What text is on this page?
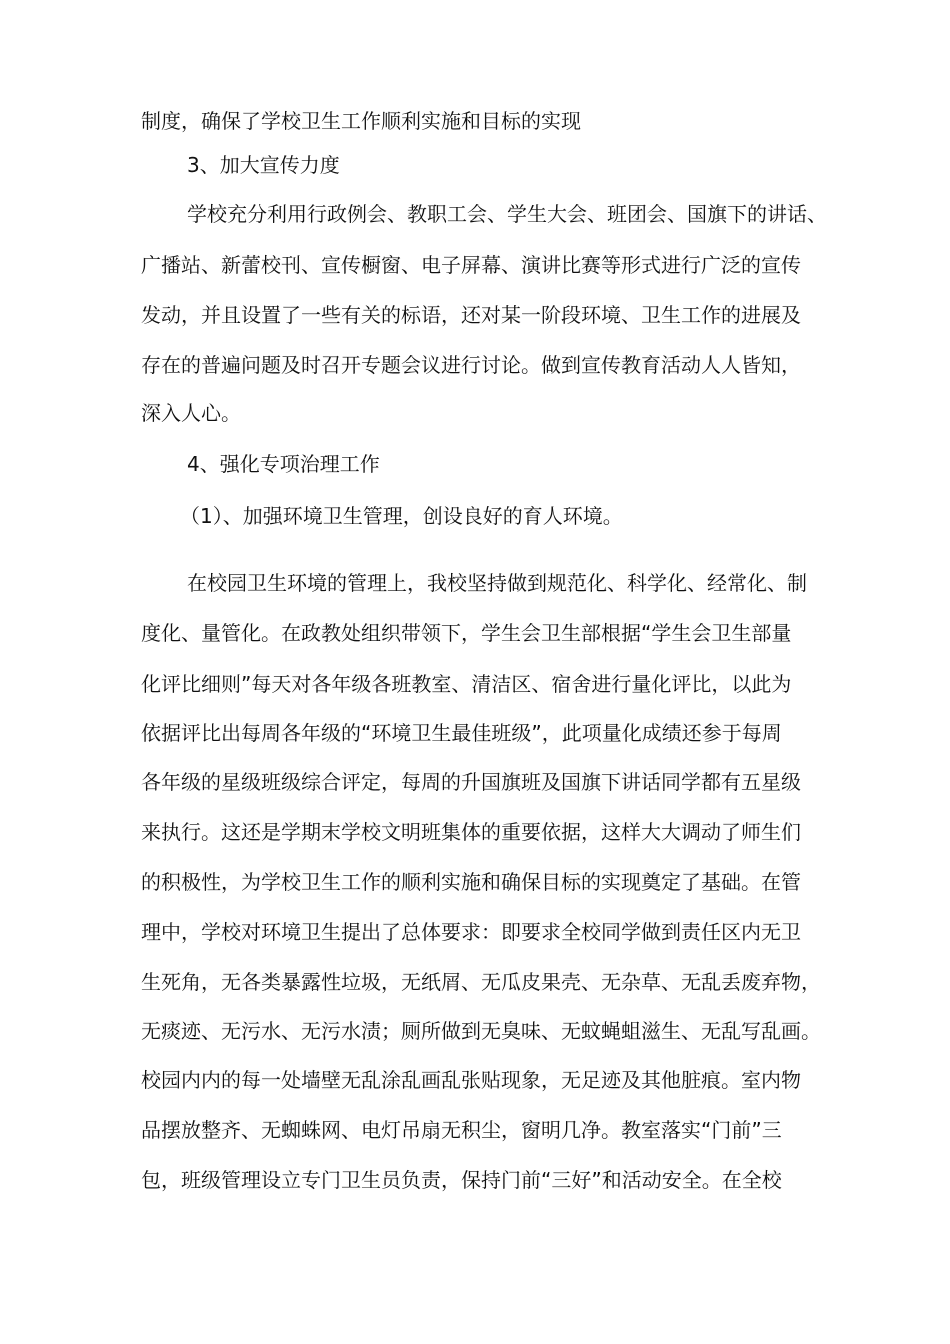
制度，确保了学校卫生工作顺利实施和目标的实现

3、加大宣传力度

学校充分利用行政例会、教职工会、学生大会、班团会、国旗下的讲话、

广播站、新蕾校刊、宣传橱窗、电子屏幕、演讲比赛等形式进行广泛的宣传

发动，并且设置了一些有关的标语，还对某一阶段环境、卫生工作的进展及

存在的普遍问题及时召开专题会议进行讨论。做到宣传教育活动人人皆知，

深入人心。

4、强化专项治理工作

（1）、加强环境卫生管理，创设良好的育人环境。

在校园卫生环境的管理上，我校坚持做到规范化、科学化、经常化、制

度化、量管化。在政教处组织带领下，学生会卫生部根据“学生会卫生部量

化评比细则”每天对各年级各班教室、清洁区、宿舍进行量化评比，以此为

依据评比出每周各年级的“环境卫生最佳班级”，此项量化成绩还参于每周

各年级的星级班级综合评定，每周的升国旗班及国旗下讲话同学都有五星级

来执行。这还是学期末学校文明班集体的重要依据，这样大大调动了师生们

的积极性，为学校卫生工作的顺利实施和确保目标的实现奠定了基础。在管

理中，学校对环境卫生提出了总体要求：即要求全校同学做到责任区内无卫

生死角，无各类暴露性垃圾，无纸屑、无瓜皮果壳、无杂草、无乱丢废弃物，

无痰迹、无污水、无污水渍；厕所做到无臭味、无蚊蝇蛆滋生、无乱写乱画。

校园内内的每一处墙壁无乱涂乱画乱张贴现象，无足迹及其他脏痕。室内物

品摆放整齐、无蜘蛛网、电灯吊扇无积尘，窗明几净。教室落实“门前”三

包，班级管理设立专门卫生员负责，保持门前“三好”和活动安全。在全校
